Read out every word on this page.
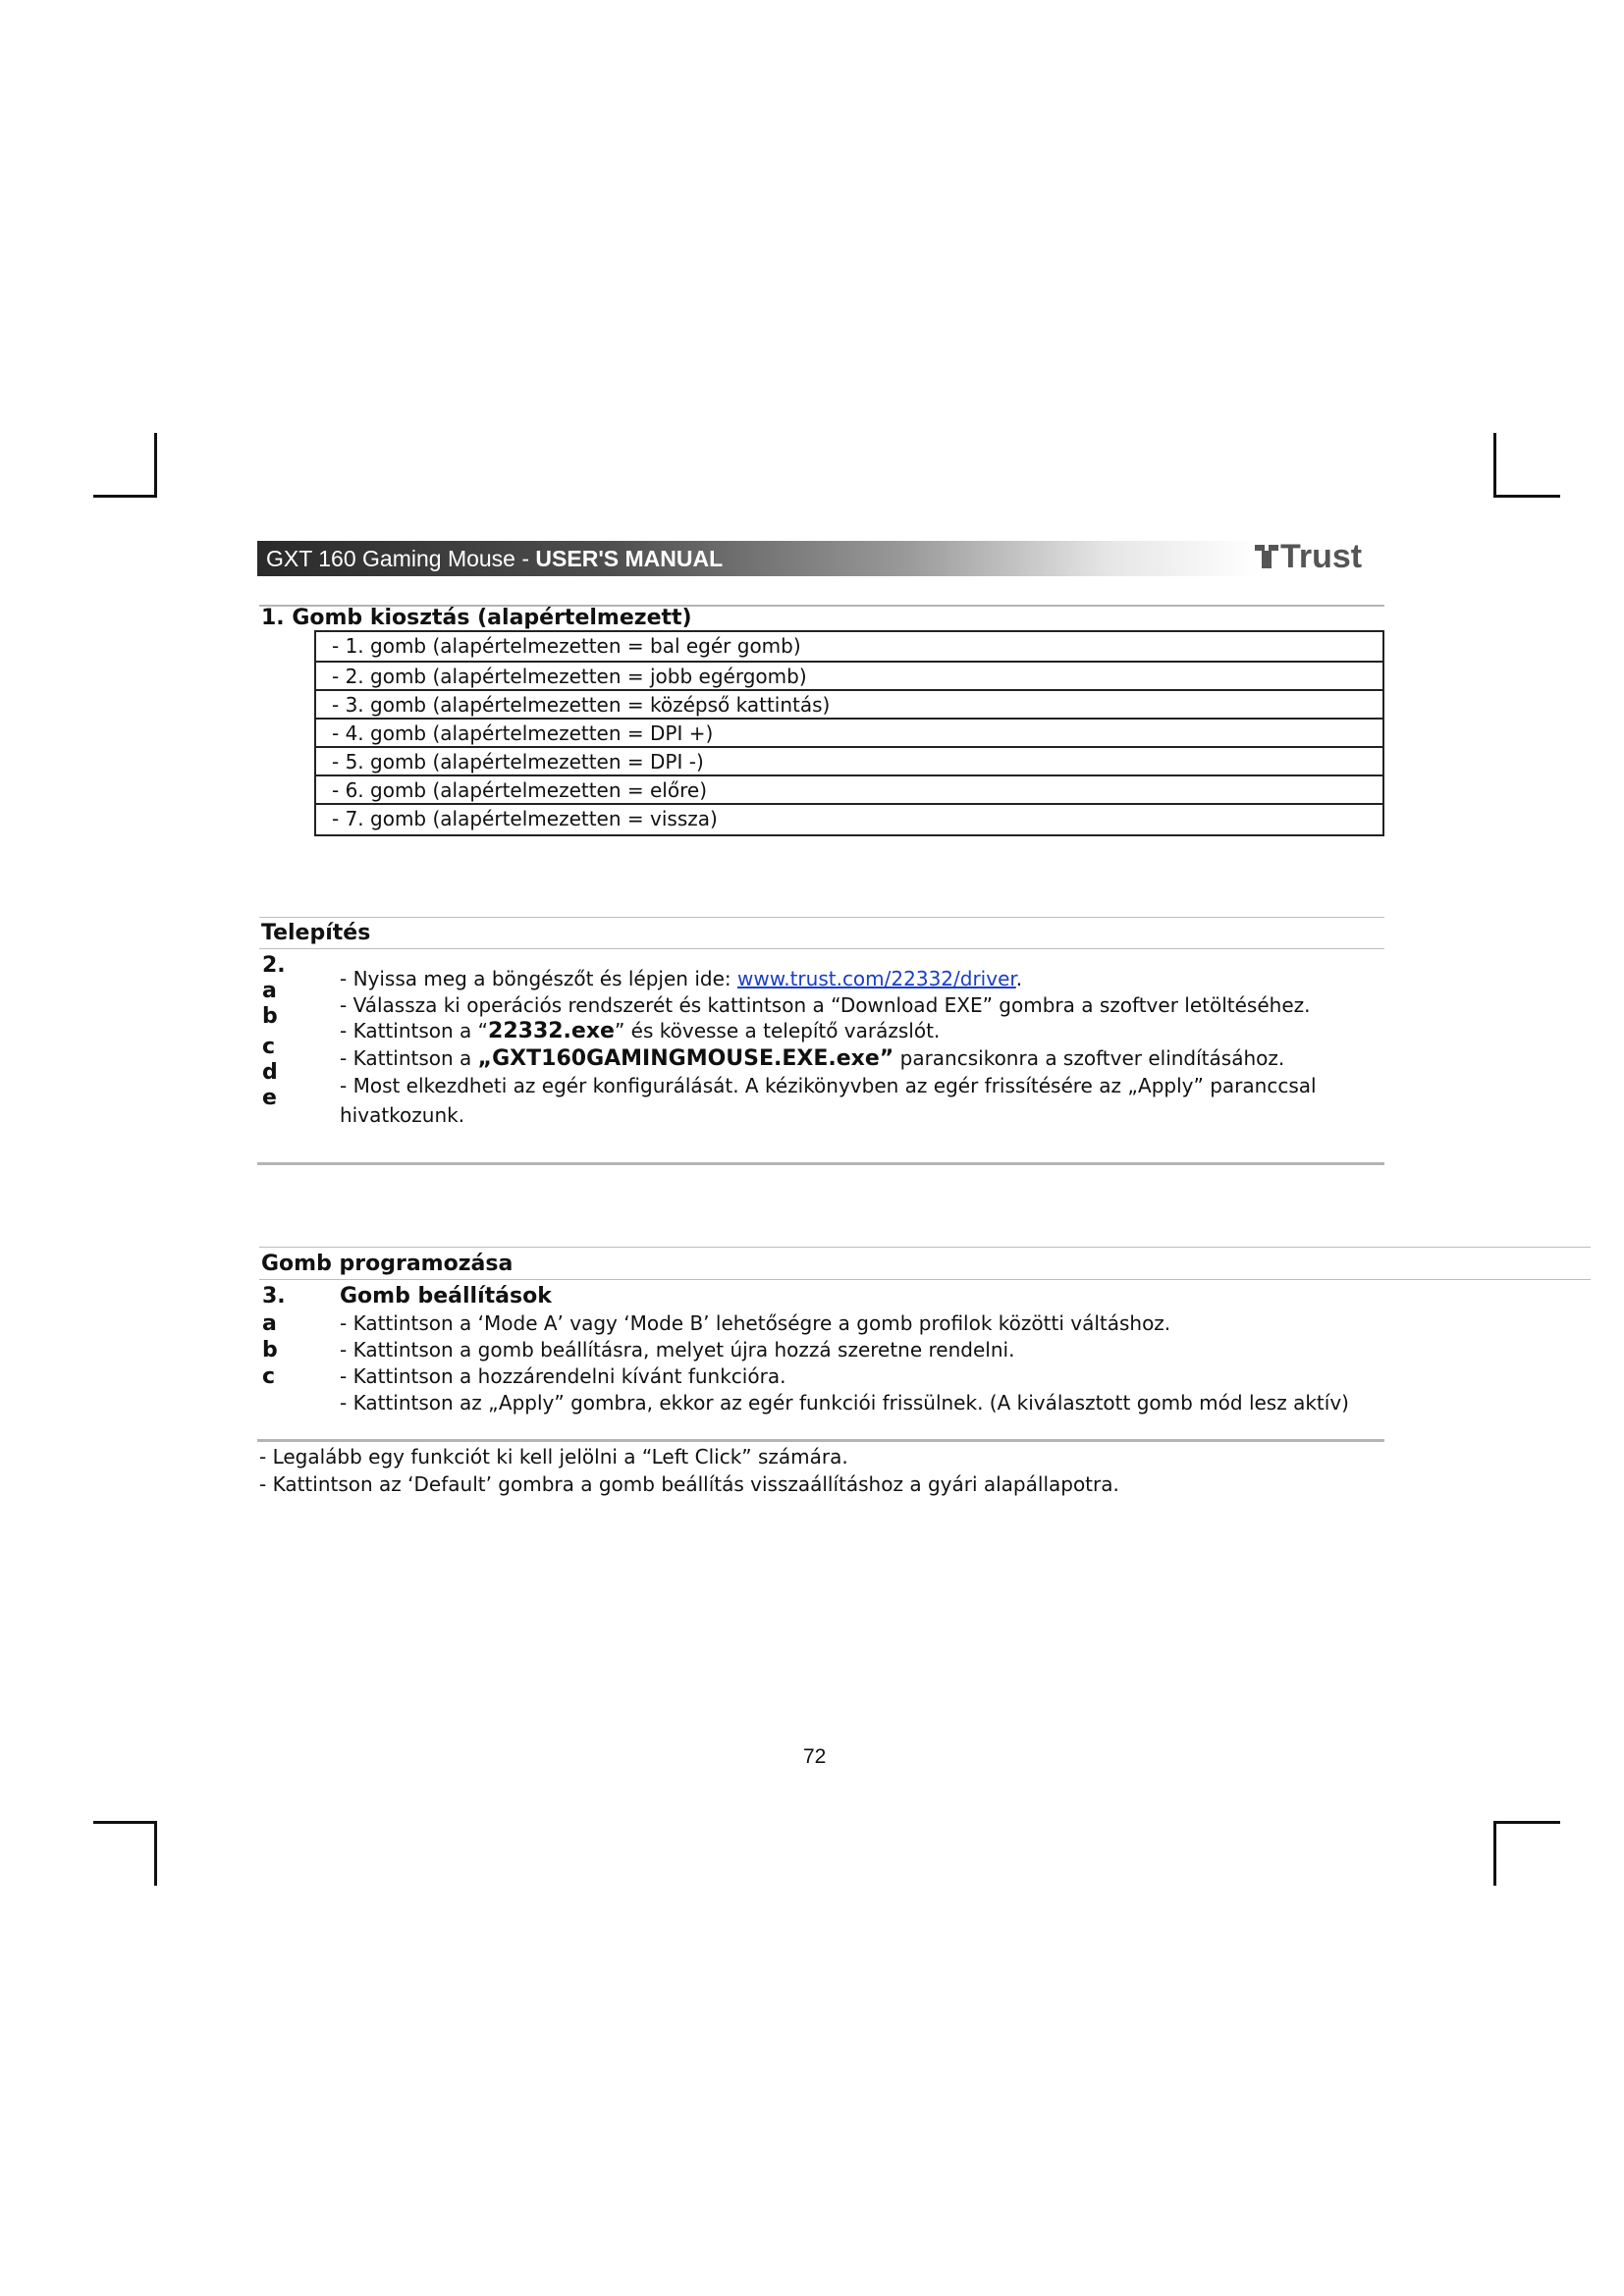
GXT 160 Gaming Mouse - USER'S MANUAL	Trust
1. Gomb kiosztás (alapértelmezett)
- 1. gomb (alapértelmezetten = bal egér gomb)
- 2. gomb (alapértelmezetten = jobb egérgomb)
- 3. gomb (alapértelmezetten = középső kattintás)
- 4. gomb (alapértelmezetten = DPI +)
- 5. gomb (alapértelmezetten = DPI -)
- 6. gomb (alapértelmezetten = előre)
- 7. gomb (alapértelmezetten = vissza)
Telepítés
2.
a
b
c
d
e
- Nyissa meg a böngészőt és lépjen ide: www.trust.com/22332/driver.
- Válassza ki operációs rendszerét és kattintson a “Download EXE” gombra a szoftver letöltéséhez.
- Kattintson a “22332.exe” és kövesse a telepítő varázslót.
- Kattintson a „GXT160GAMINGMOUSE.EXE.exe” parancsikonra a szoftver elindításához.
- Most elkezdheti az egér konfigurálását. A kézikönyvben az egér frissítésére az „Apply” paranccsal
hivatkozunk.
Gomb programozása
3.	Gomb beállítások
a
b
c
- Kattintson a ‘Mode A’ vagy ‘Mode B’ lehetőségre a gomb profilok közötti váltáshoz.
- Kattintson a gomb beállításra, melyet újra hozzá szeretne rendelni.
- Kattintson a hozzárendelni kívánt funkcióra.
- Kattintson az „Apply” gombra, ekkor az egér funkciói frissülnek. (A kiválasztott gomb mód lesz aktív)
- Legalább egy funkciót ki kell jelölni a “Left Click” számára.
- Kattintson az ‘Default’ gombra a gomb beállítás visszaállításhoz a gyári alapállapotra.
72
